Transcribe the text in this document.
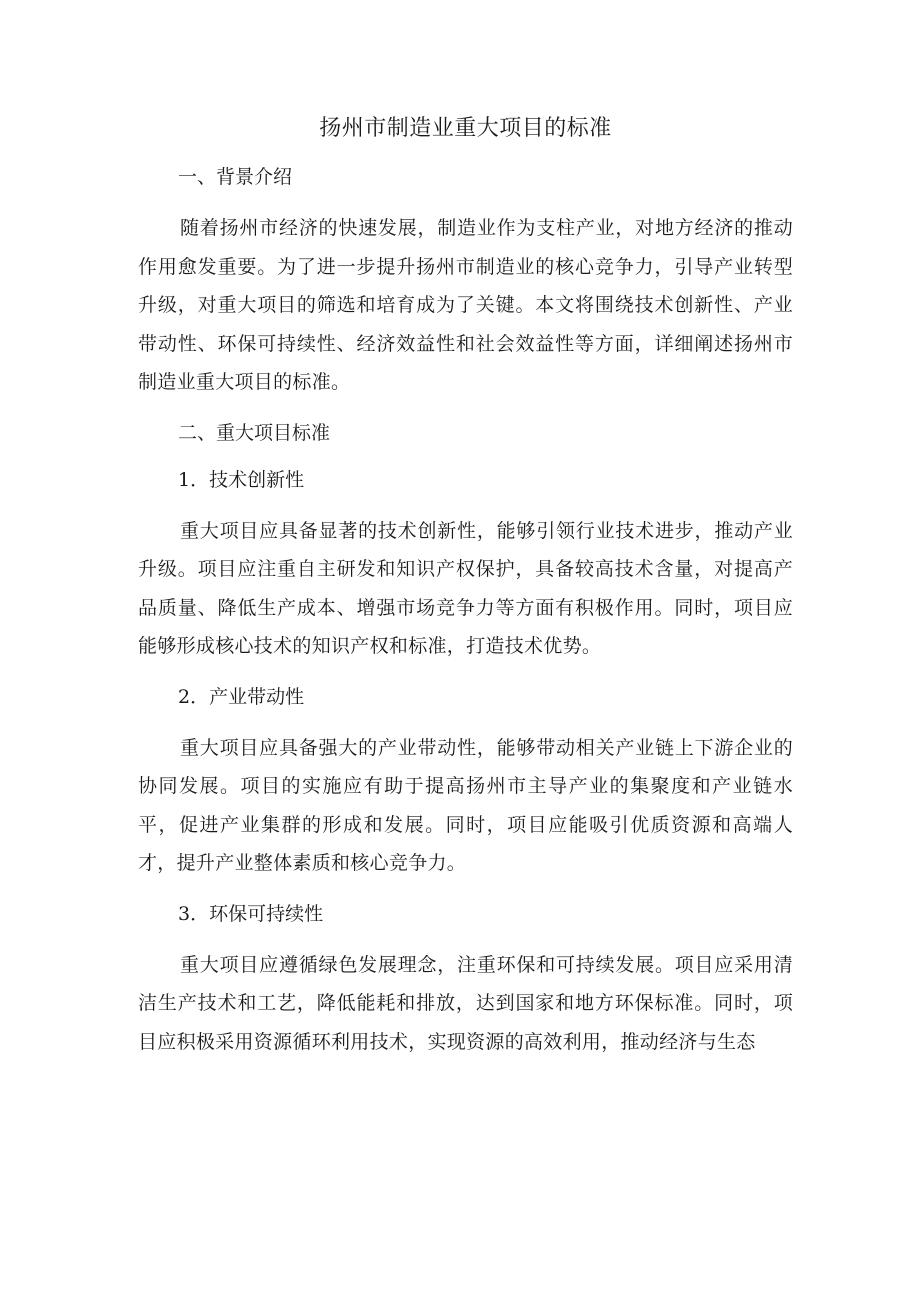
扬州市制造业重大项目的标准
一、背景介绍

随着扬州市经济的快速发展，制造业作为支柱产业，对地方经济的推动作用愈发重要。为了进一步提升扬州市制造业的核心竞争力，引导产业转型升级，对重大项目的筛选和培育成为了关键。本文将围绕技术创新性、产业带动性、环保可持续性、经济效益性和社会效益性等方面，详细阐述扬州市制造业重大项目的标准。

二、重大项目标准
1．技术创新性

重大项目应具备显著的技术创新性，能够引领行业技术进步，推动产业升级。项目应注重自主研发和知识产权保护，具备较高技术含量，对提高产品质量、降低生产成本、增强市场竞争力等方面有积极作用。同时，项目应能够形成核心技术的知识产权和标准，打造技术优势。

2．产业带动性

重大项目应具备强大的产业带动性，能够带动相关产业链上下游企业的协同发展。项目的实施应有助于提高扬州市主导产业的集聚度和产业链水平，促进产业集群的形成和发展。同时，项目应能吸引优质资源和高端人才，提升产业整体素质和核心竞争力。

3．环保可持续性

重大项目应遵循绿色发展理念，注重环保和可持续发展。项目应采用清洁生产技术和工艺，降低能耗和排放，达到国家和地方环保标准。同时，项目应积极采用资源循环利用技术，实现资源的高效利用，推动经济与生态
